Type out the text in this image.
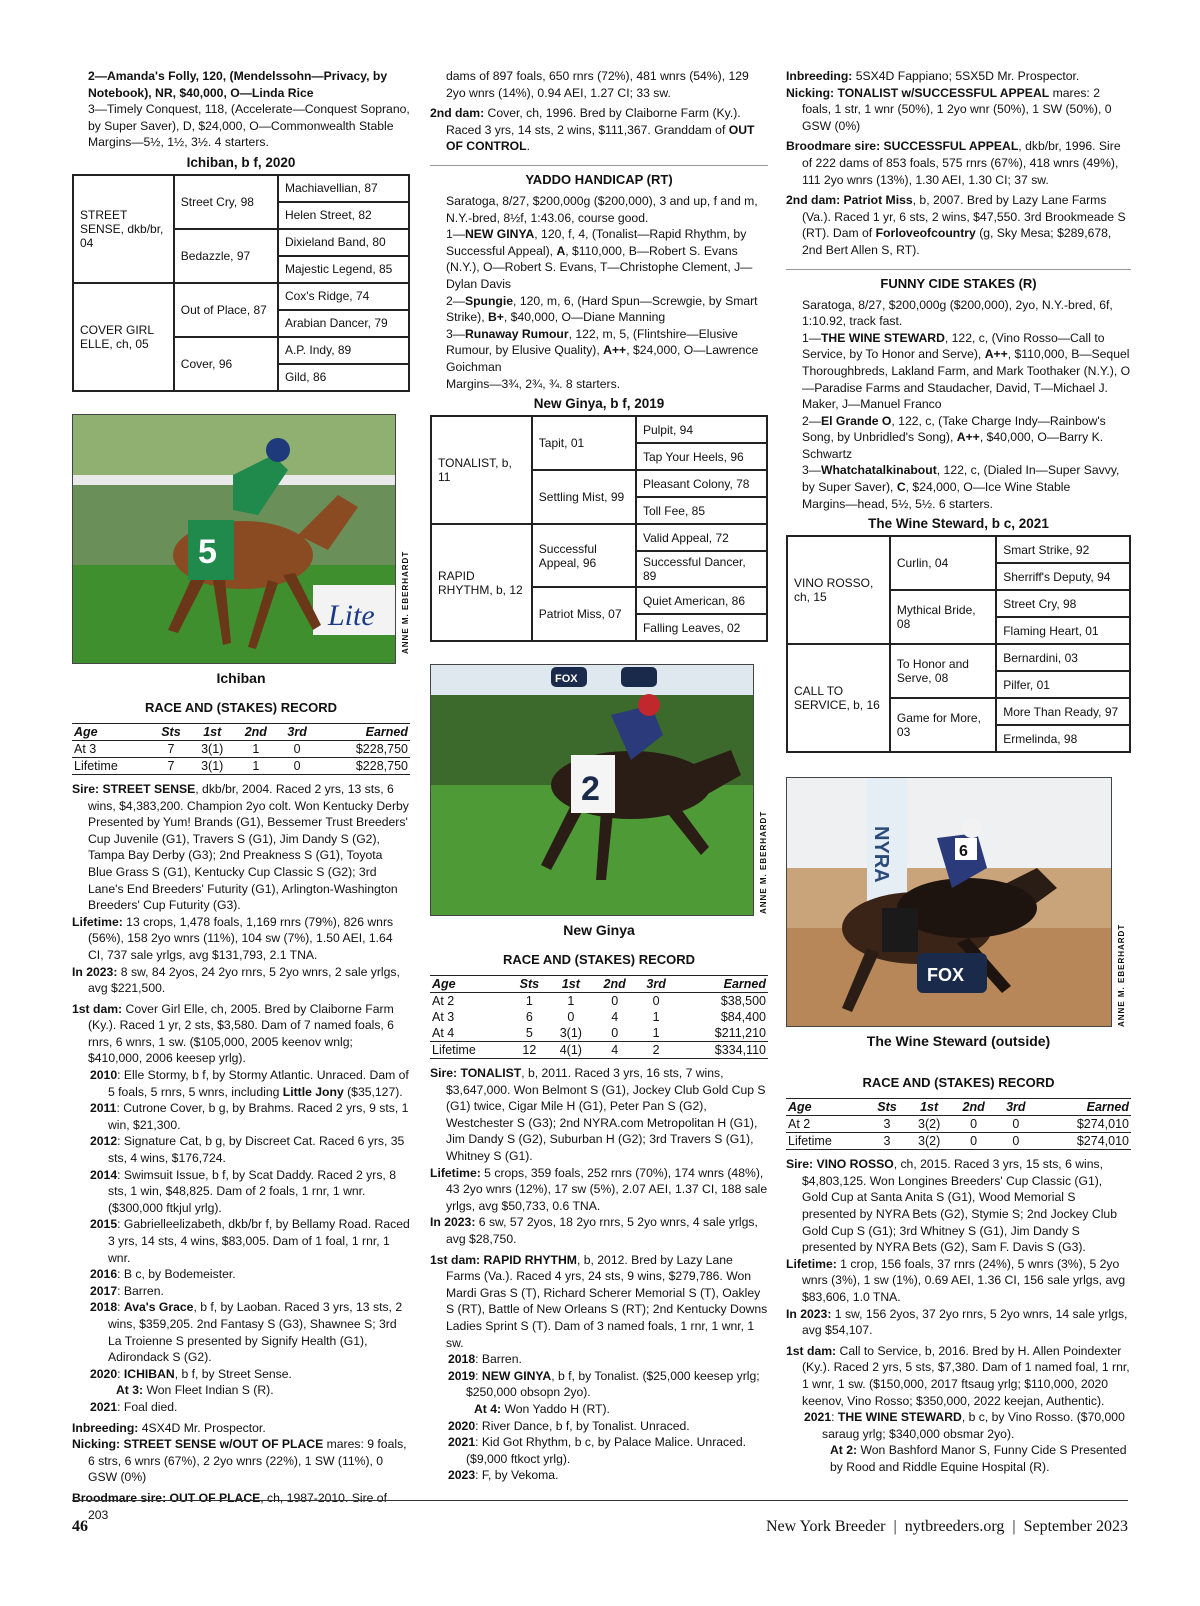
2—Amanda's Folly, 120, (Mendelssohn—Privacy, by Notebook), NR, $40,000, O—Linda Rice

3—Timely Conquest, 118, (Accelerate—Conquest Soprano, by Super Saver), D, $24,000, O—Commonwealth Stable

Margins—5½, 1½, 3½. 4 starters.

Ichiban, b f, 2020
STREET SENSE, dkb/br, 04	Street Cry, 98	Machiavellian, 87
		Helen Street, 82
	Bedazzle, 97	Dixieland Band, 80
		Majestic Legend, 85
COVER GIRL ELLE, ch, 05	Out of Place, 87	Cox's Ridge, 74
		Arabian Dancer, 79
	Cover, 96	A.P. Indy, 89
		Gild, 86
Lite
5	ANNE M. EBERHARDT
Ichiban
RACE AND (STAKES) RECORD
Age	Sts	1st	2nd	3rd	Earned
At 3	7	3(1)	1	0	$228,750
Lifetime	7	3(1)	1	0	$228,750

Sire: STREET SENSE, dkb/br, 2004. Raced 2 yrs, 13 sts, 6 wins, $4,383,200. Champion 2yo colt. Won Kentucky Derby Presented by Yum! Brands (G1), Bessemer Trust Breeders' Cup Juvenile (G1), Travers S (G1), Jim Dandy S (G2), Tampa Bay Derby (G3); 2nd Preakness S (G1), Toyota Blue Grass S (G1), Kentucky Cup Classic S (G2); 3rd Lane's End Breeders' Futurity (G1), Arlington-Washington Breeders' Cup Futurity (G3).

Lifetime: 13 crops, 1,478 foals, 1,169 rnrs (79%), 826 wnrs (56%), 158 2yo wnrs (11%), 104 sw (7%), 1.50 AEI, 1.64 CI, 737 sale yrlgs, avg $131,793, 2.1 TNA.

In 2023: 8 sw, 84 2yos, 24 2yo rnrs, 5 2yo wnrs, 2 sale yrlgs, avg $221,500.

1st dam: Cover Girl Elle, ch, 2005. Bred by Claiborne Farm (Ky.). Raced 1 yr, 2 sts, $3,580. Dam of 7 named foals, 6 rnrs, 6 wnrs, 1 sw. ($105,000, 2005 keenov wnlg; $410,000, 2006 keesep yrlg).

2010: Elle Stormy, b f, by Stormy Atlantic. Unraced. Dam of 5 foals, 5 rnrs, 5 wnrs, including Little Jony ($35,127).

2011: Cutrone Cover, b g, by Brahms. Raced 2 yrs, 9 sts, 1 win, $21,300.

2012: Signature Cat, b g, by Discreet Cat. Raced 6 yrs, 35 sts, 4 wins, $176,724.

2014: Swimsuit Issue, b f, by Scat Daddy. Raced 2 yrs, 8 sts, 1 win, $48,825. Dam of 2 foals, 1 rnr, 1 wnr. ($300,000 ftkjul yrlg).

2015: Gabrielleelizabeth, dkb/br f, by Bellamy Road. Raced 3 yrs, 14 sts, 4 wins, $83,005. Dam of 1 foal, 1 rnr, 1 wnr.

2016: B c, by Bodemeister.

2017: Barren.

2018: Ava's Grace, b f, by Laoban. Raced 3 yrs, 13 sts, 2 wins, $359,205. 2nd Fantasy S (G3), Shawnee S; 3rd La Troienne S presented by Signify Health (G1), Adirondack S (G2).

2020: ICHIBAN, b f, by Street Sense.

At 3: Won Fleet Indian S (R).

2021: Foal died.

Inbreeding: 4SX4D Mr. Prospector.

Nicking: STREET SENSE w/OUT OF PLACE mares: 9 foals, 6 strs, 6 wnrs (67%), 2 2yo wnrs (22%), 1 SW (11%), 0 GSW (0%)

Broodmare sire: OUT OF PLACE, ch, 1987-2010. Sire of 203

dams of 897 foals, 650 rnrs (72%), 481 wnrs (54%), 129 2yo wnrs (14%), 0.94 AEI, 1.27 CI; 33 sw.

2nd dam: Cover, ch, 1996. Bred by Claiborne Farm (Ky.). Raced 3 yrs, 14 sts, 2 wins, $111,367. Granddam of OUT OF CONTROL.

YADDO HANDICAP (RT)

Saratoga, 8/27, $200,000g ($200,000), 3 and up, f and m, N.Y.-bred, 8½f, 1:43.06, course good.

1—NEW GINYA, 120, f, 4, (Tonalist—Rapid Rhythm, by Successful Appeal), A, $110,000, B—Robert S. Evans (N.Y.), O—Robert S. Evans, T—Christophe Clement, J—Dylan Davis

2—Spungie, 120, m, 6, (Hard Spun—Screwgie, by Smart Strike), B+, $40,000, O—Diane Manning

3—Runaway Rumour, 122, m, 5, (Flintshire—Elusive Rumour, by Elusive Quality), A++, $24,000, O—Lawrence Goichman

Margins—3¾, 2¾, ¾. 8 starters.

New Ginya, b f, 2019
TONALIST, b, 11	Tapit, 01	Pulpit, 94
		Tap Your Heels, 96
	Settling Mist, 99	Pleasant Colony, 78
		Toll Fee, 85
RAPID RHYTHM, b, 12	Successful Appeal, 96	Valid Appeal, 72
		Successful Dancer, 89
	Patriot Miss, 07	Quiet American, 86
		Falling Leaves, 02
FOX
2
ANNE M. EBERHARDT
New Ginya
RACE AND (STAKES) RECORD
Age	Sts	1st	2nd	3rd	Earned
At 2	1	1	0	0	$38,500
At 3	6	0	4	1	$84,400
At 4	5	3(1)	0	1	$211,210
Lifetime	12	4(1)	4	2	$334,110

Sire: TONALIST, b, 2011. Raced 3 yrs, 16 sts, 7 wins, $3,647,000. Won Belmont S (G1), Jockey Club Gold Cup S (G1) twice, Cigar Mile H (G1), Peter Pan S (G2), Westchester S (G3); 2nd NYRA.com Metropolitan H (G1), Jim Dandy S (G2), Suburban H (G2); 3rd Travers S (G1), Whitney S (G1).

Lifetime: 5 crops, 359 foals, 252 rnrs (70%), 174 wnrs (48%), 43 2yo wnrs (12%), 17 sw (5%), 2.07 AEI, 1.37 CI, 188 sale yrlgs, avg $50,733, 0.6 TNA.

In 2023: 6 sw, 57 2yos, 18 2yo rnrs, 5 2yo wnrs, 4 sale yrlgs, avg $28,750.

1st dam: RAPID RHYTHM, b, 2012. Bred by Lazy Lane Farms (Va.). Raced 4 yrs, 24 sts, 9 wins, $279,786. Won Mardi Gras S (T), Richard Scherer Memorial S (T), Oakley S (RT), Battle of New Orleans S (RT); 2nd Kentucky Downs Ladies Sprint S (T). Dam of 3 named foals, 1 rnr, 1 wnr, 1 sw.

2018: Barren.

2019: NEW GINYA, b f, by Tonalist. ($25,000 keesep yrlg; $250,000 obsopn 2yo).

At 4: Won Yaddo H (RT).

2020: River Dance, b f, by Tonalist. Unraced.

2021: Kid Got Rhythm, b c, by Palace Malice. Unraced. ($9,000 ftkoct yrlg).

2023: F, by Vekoma.

Inbreeding: 5SX4D Fappiano; 5SX5D Mr. Prospector.

Nicking: TONALIST w/SUCCESSFUL APPEAL mares: 2 foals, 1 str, 1 wnr (50%), 1 2yo wnr (50%), 1 SW (50%), 0 GSW (0%)

Broodmare sire: SUCCESSFUL APPEAL, dkb/br, 1996. Sire of 222 dams of 853 foals, 575 rnrs (67%), 418 wnrs (49%), 111 2yo wnrs (13%), 1.30 AEI, 1.30 CI; 37 sw.

2nd dam: Patriot Miss, b, 2007. Bred by Lazy Lane Farms (Va.). Raced 1 yr, 6 sts, 2 wins, $47,550. 3rd Brookmeade S (RT). Dam of Forloveofcountry (g, Sky Mesa; $289,678, 2nd Bert Allen S, RT).

FUNNY CIDE STAKES (R)

Saratoga, 8/27, $200,000g ($200,000), 2yo, N.Y.-bred, 6f, 1:10.92, track fast.

1—THE WINE STEWARD, 122, c, (Vino Rosso—Call to Service, by To Honor and Serve), A++, $110,000, B—Sequel Thoroughbreds, Lakland Farm, and Mark Toothaker (N.Y.), O—Paradise Farms and Staudacher, David, T—Michael J. Maker, J—Manuel Franco

2—El Grande O, 122, c, (Take Charge Indy—Rainbow's Song, by Unbridled's Song), A++, $40,000, O—Barry K. Schwartz

3—Whatchatalkinabout, 122, c, (Dialed In—Super Savvy, by Super Saver), C, $24,000, O—Ice Wine Stable

Margins—head, 5½, 5½. 6 starters.

The Wine Steward, b c, 2021
VINO ROSSO, ch, 15	Curlin, 04	Smart Strike, 92
		Sherriff's Deputy, 94
	Mythical Bride, 08	Street Cry, 98
		Flaming Heart, 01
CALL TO SERVICE, b, 16	To Honor and Serve, 08	Bernardini, 03
		Pilfer, 01
	Game for More, 03	More Than Ready, 97
		Ermelinda, 98
NYRA
FOX
6
ANNE M. EBERHARDT
The Wine Steward (outside)
RACE AND (STAKES) RECORD
Age	Sts	1st	2nd	3rd	Earned
At 2	3	3(2)	0	0	$274,010
Lifetime	3	3(2)	0	0	$274,010

Sire: VINO ROSSO, ch, 2015. Raced 3 yrs, 15 sts, 6 wins, $4,803,125. Won Longines Breeders' Cup Classic (G1), Gold Cup at Santa Anita S (G1), Wood Memorial S presented by NYRA Bets (G2), Stymie S; 2nd Jockey Club Gold Cup S (G1); 3rd Whitney S (G1), Jim Dandy S presented by NYRA Bets (G2), Sam F. Davis S (G3).

Lifetime: 1 crop, 156 foals, 37 rnrs (24%), 5 wnrs (3%), 5 2yo wnrs (3%), 1 sw (1%), 0.69 AEI, 1.36 CI, 156 sale yrlgs, avg $83,606, 1.0 TNA.

In 2023: 1 sw, 156 2yos, 37 2yo rnrs, 5 2yo wnrs, 14 sale yrlgs, avg $54,107.

1st dam: Call to Service, b, 2016. Bred by H. Allen Poindexter (Ky.). Raced 2 yrs, 5 sts, $7,380. Dam of 1 named foal, 1 rnr, 1 wnr, 1 sw. ($150,000, 2017 ftsaug yrlg; $110,000, 2020 keenov, Vino Rosso; $350,000, 2022 keejan, Authentic).

2021: THE WINE STEWARD, b c, by Vino Rosso. ($70,000 saraug yrlg; $340,000 obsmar 2yo).

At 2: Won Bashford Manor S, Funny Cide S Presented by Rood and Riddle Equine Hospital (R).

46	New York Breeder  |  nytbreeders.org  |  September 2023
